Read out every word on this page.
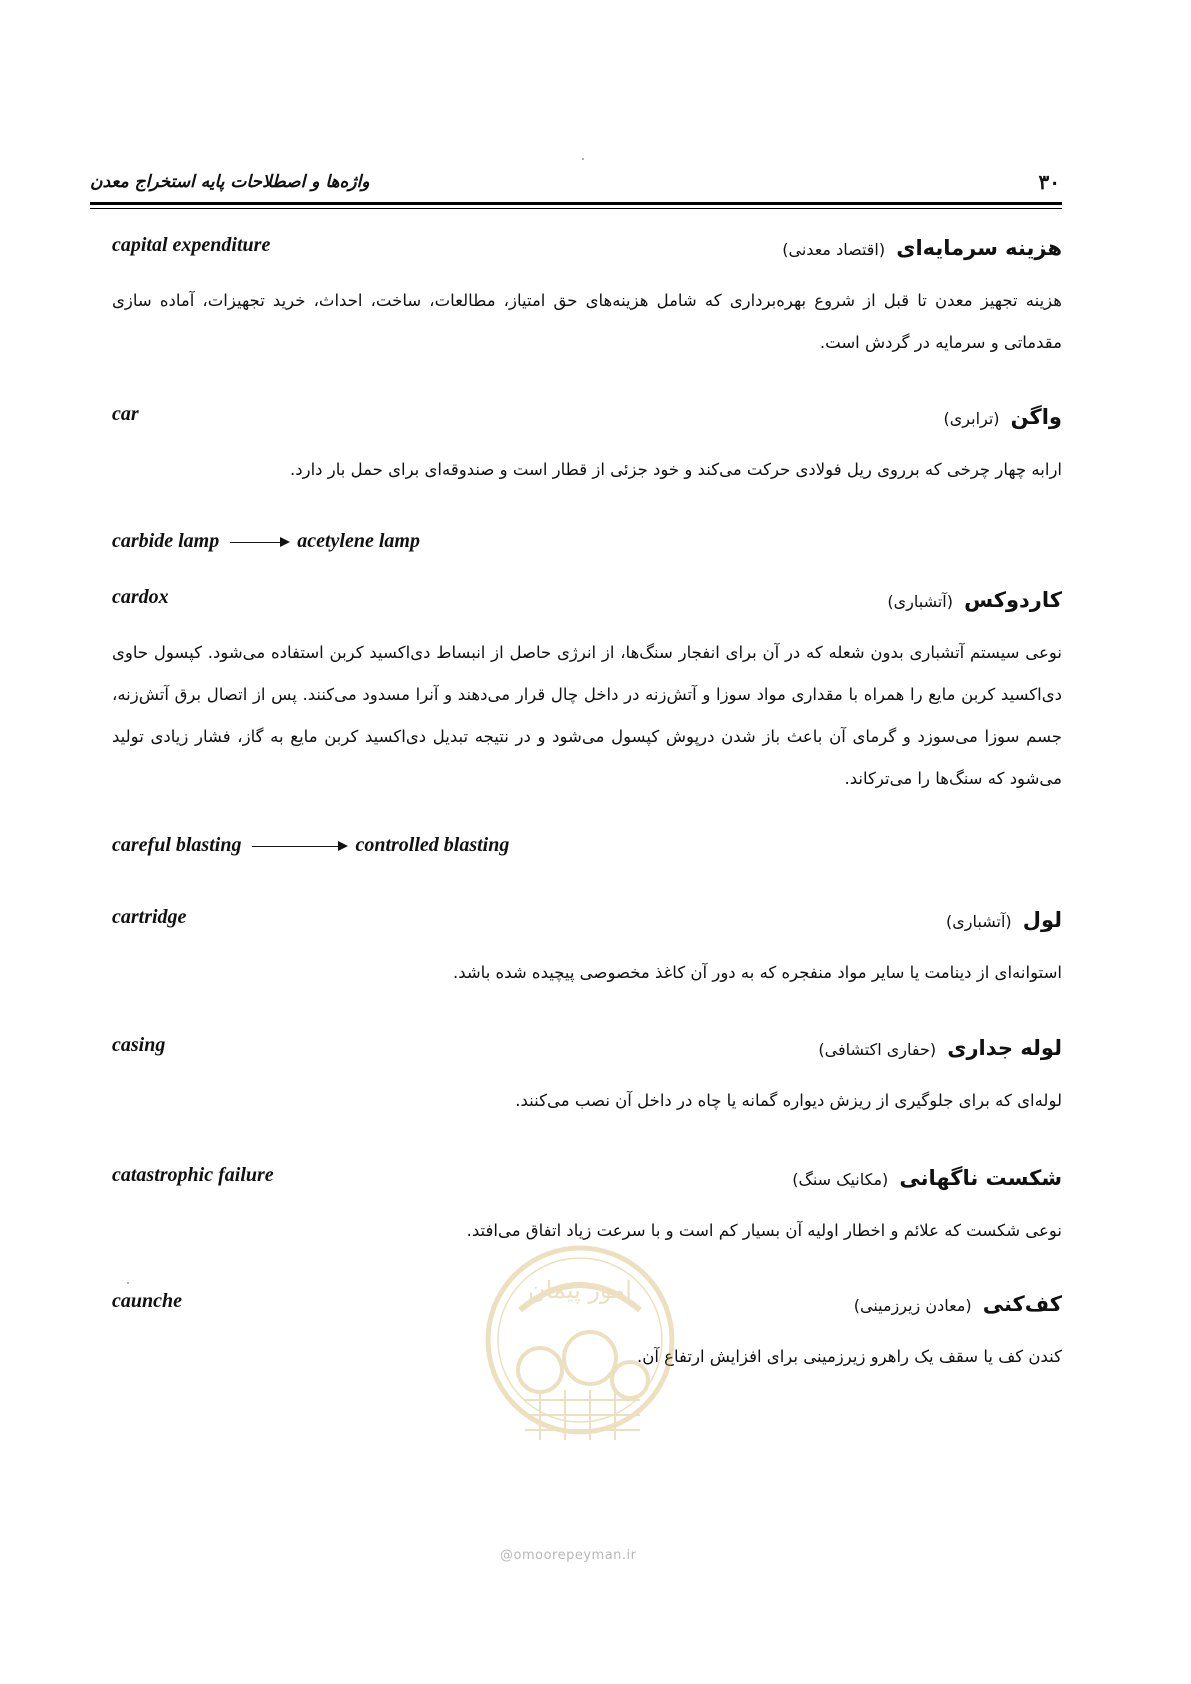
۳۰
واژه‌ها و اصطلاحات پایه استخراج معدن
capital expenditure	هزینه سرمایه‌ای (اقتصاد معدنی)
هزینه تجهیز معدن تا قبل از شروع بهره‌برداری که شامل هزینه‌های حق امتیاز، مطالعات، ساخت، احداث، خرید تجهیزات، آماده سازی مقدماتی و سرمایه در گردش است.
car	واگن (ترابری)
ارابه چهار چرخی که برروی ریل فولادی حرکت می‌کند و خود جزئی از قطار است و صندوقه‌ای برای حمل بار دارد.
carbide lamp	acetylene lamp
cardox	کاردوکس (آتشباری)
نوعی سیستم آتشباری بدون شعله که در آن برای انفجار سنگ‌ها، از انرژی حاصل از انبساط دی‌اکسید کربن استفاده می‌شود. کپسول حاوی دی‌اکسید کربن مایع را همراه با مقداری مواد سوزا و آتش‌زنه در داخل چال قرار می‌دهند و آنرا مسدود می‌کنند. پس از اتصال برق آتش‌زنه، جسم سوزا می‌سوزد و گرمای آن باعث باز شدن درپوش کپسول می‌شود و در نتیجه تبدیل دی‌اکسید کربن مایع به گاز، فشار زیادی تولید می‌شود که سنگ‌ها را می‌ترکاند.
careful blasting	controlled blasting
cartridge	لول (آتشباری)
استوانه‌ای از دینامت یا سایر مواد منفجره که به دور آن کاغذ مخصوصی پیچیده شده باشد.
casing	لوله جداری (حفاری اکتشافی)
لوله‌ای که برای جلوگیری از ریزش دیواره گمانه یا چاه در داخل آن نصب می‌کنند.
catastrophic failure	شکست ناگهانی (مکانیک سنگ)
نوعی شکست که علائم و اخطار اولیه آن بسیار کم است و با سرعت زیاد اتفاق می‌افتد.
caunche	کف‌کنی (معادن زیرزمینی)
کندن کف یا سقف یک راهرو زیرزمینی برای افزایش ارتفاع آن.
امور پیمان
@omoorepeyman.ir
